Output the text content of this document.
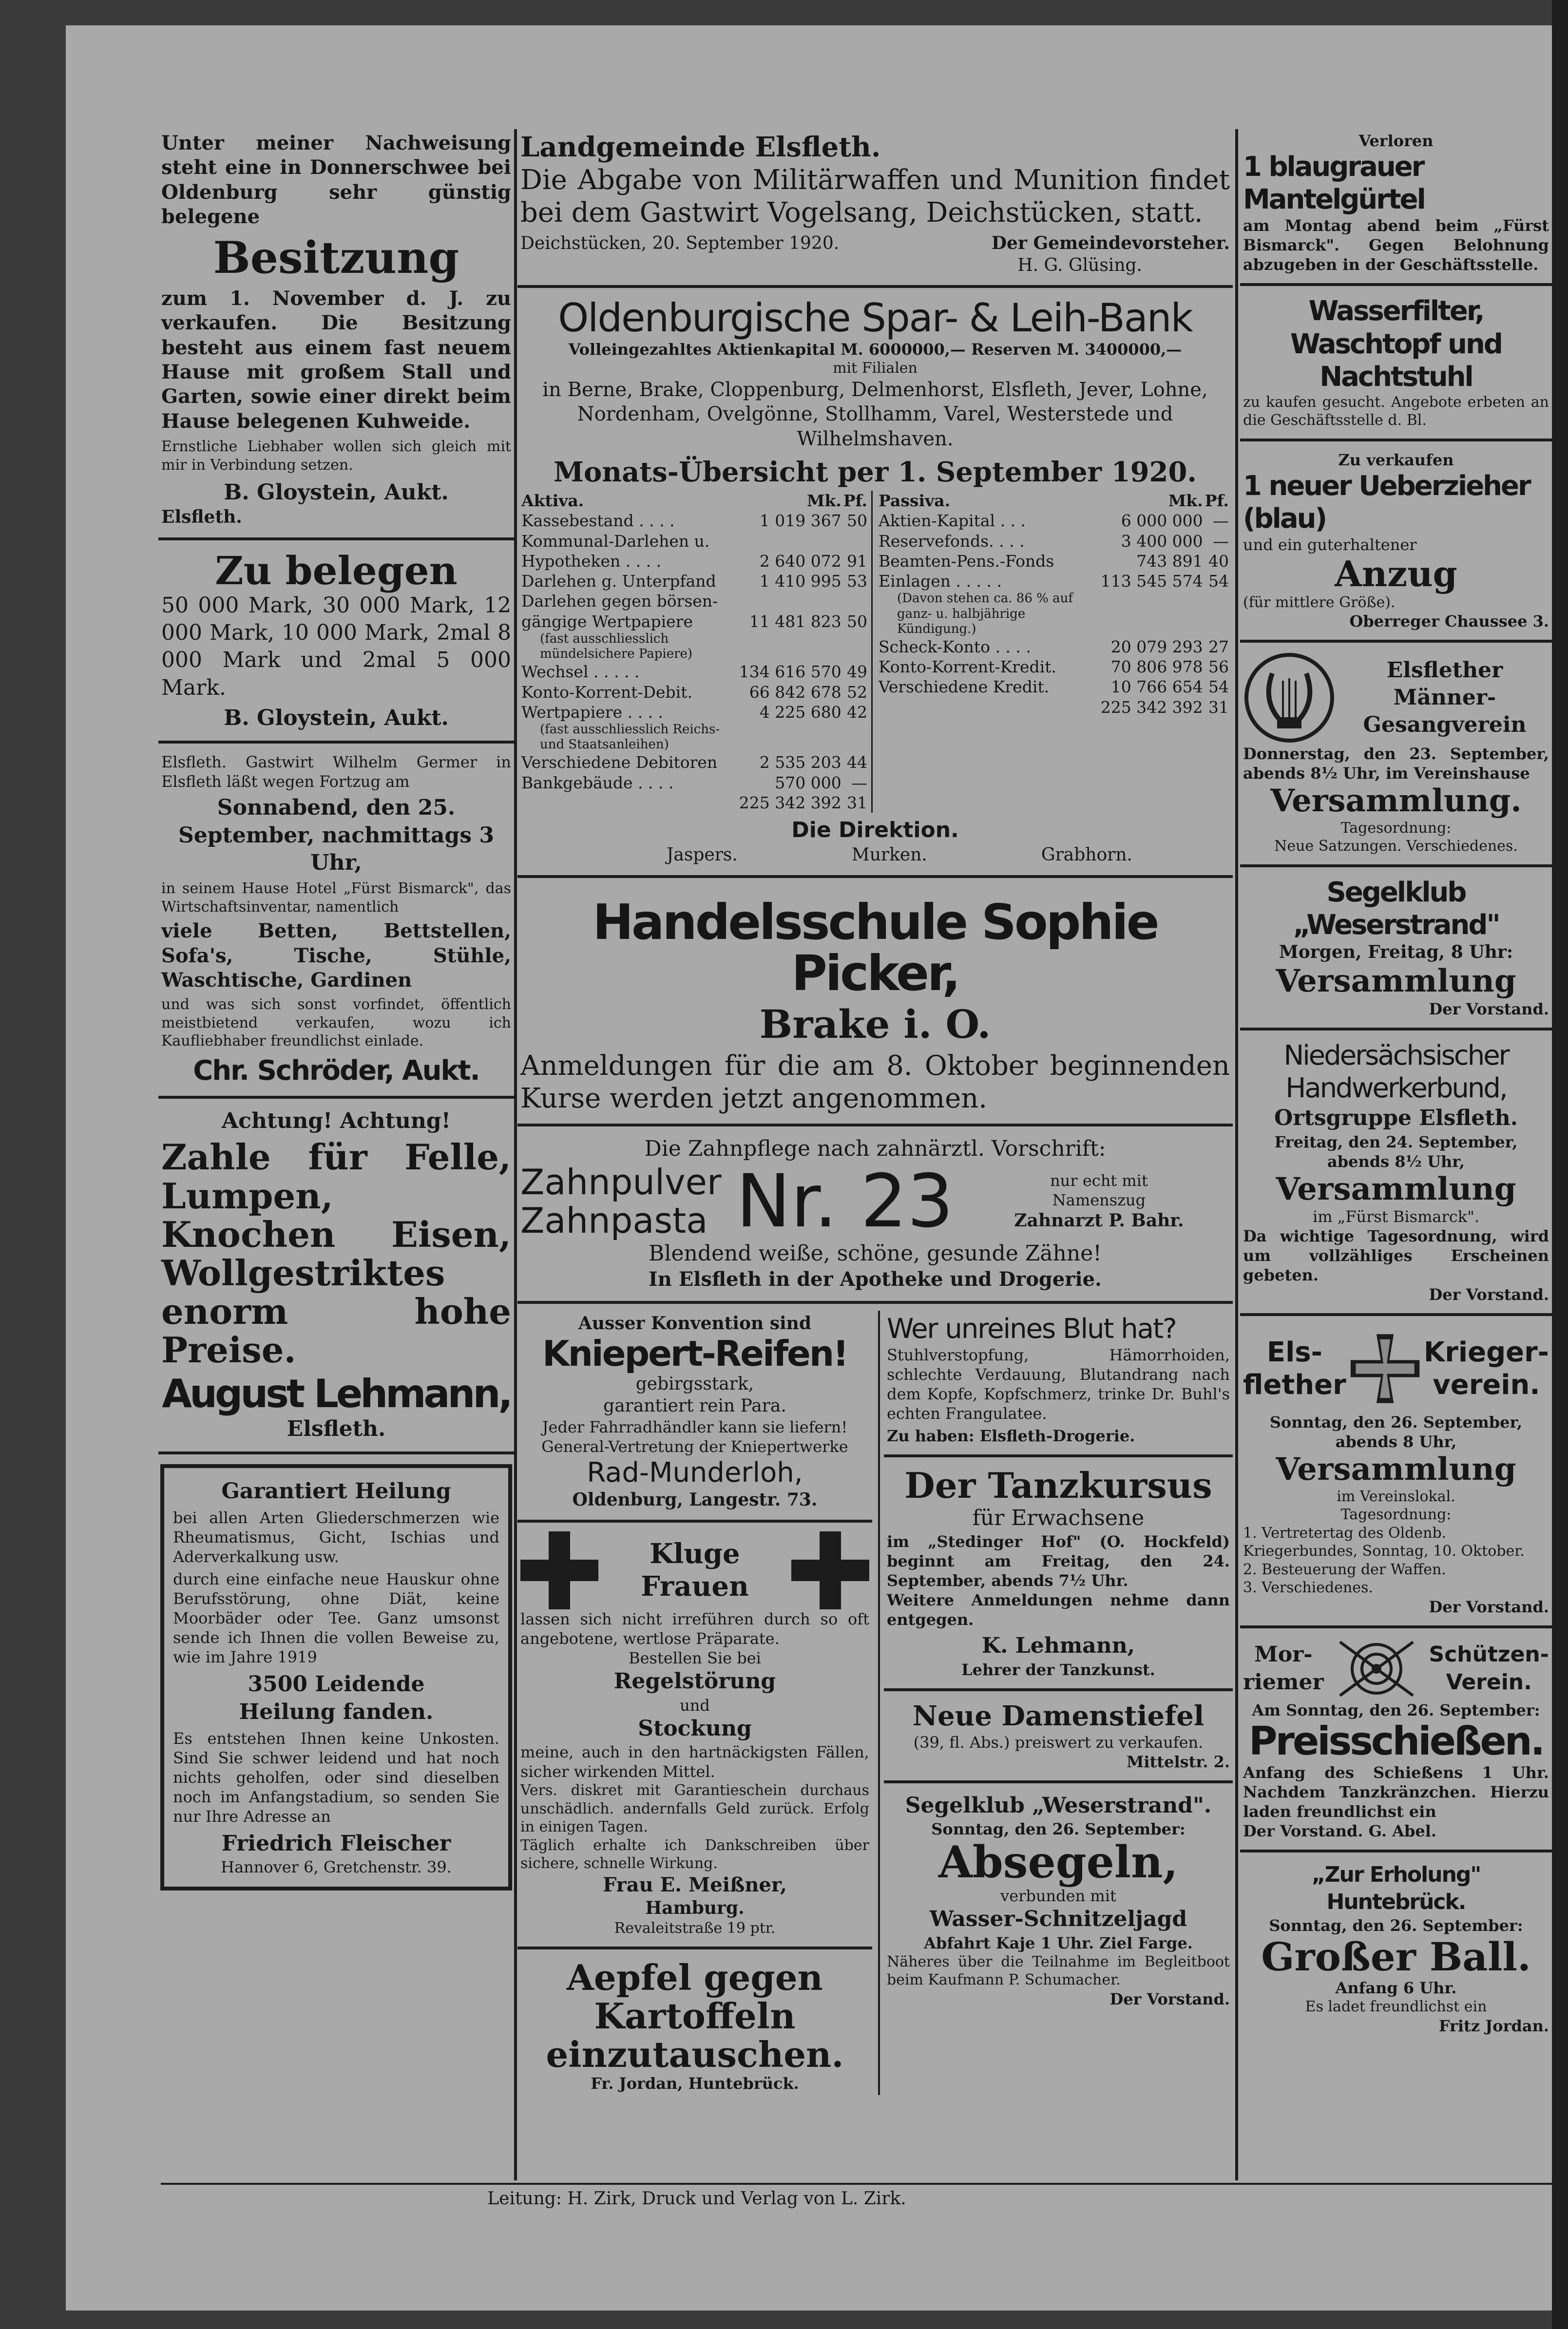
Unter meiner Nachweisung steht eine in Donnerschwee bei Oldenburg sehr günstig belegene
Besitzung
zum 1. November d. J. zu verkaufen. Die Besitzung besteht aus einem fast neuem Hause mit großem Stall und Garten, sowie einer direkt beim Hause belegenen Kuhweide.
Ernstliche Liebhaber wollen sich gleich mit mir in Verbindung setzen.
B. Gloystein, Aukt.
Elsfleth.
Zu belegen
50 000 Mark, 30 000 Mark, 12 000 Mark, 10 000 Mark, 2mal 8 000 Mark und 2mal 5 000 Mark.
B. Gloystein, Aukt.
Elsfleth. Gastwirt Wilhelm Germer in Elsfleth läßt wegen Fortzug am
Sonnabend, den 25. September, nachmittags 3 Uhr,
in seinem Hause Hotel „Fürst Bismarck", das Wirtschaftsinventar, namentlich
viele Betten, Bettstellen, Sofa's, Tische, Stühle, Waschtische, Gardinen
und was sich sonst vorfindet, öffentlich meistbietend verkaufen, wozu ich Kaufliebhaber freundlichst einlade.
Chr. Schröder, Aukt.
Achtung! Achtung!
Zahle für Felle, Lumpen, Knochen Eisen, Wollgestriktes enorm hohe Preise.
August Lehmann,
Elsfleth.
Garantiert Heilung
bei allen Arten Gliederschmerzen wie Rheumatismus, Gicht, Ischias und Aderverkalkung usw.
durch eine einfache neue Hauskur ohne Berufsstörung, ohne Diät, keine Moorbäder oder Tee. Ganz umsonst sende ich Ihnen die vollen Beweise zu, wie im Jahre 1919
3500 Leidende
Heilung fanden.
Es entstehen Ihnen keine Unkosten. Sind Sie schwer leidend und hat noch nichts geholfen, oder sind dieselben noch im Anfangstadium, so senden Sie nur Ihre Adresse an
Friedrich Fleischer
Hannover 6, Gretchenstr. 39.
Landgemeinde Elsfleth.
Die Abgabe von Militärwaffen und Munition findet bei dem Gastwirt Vogelsang, Deichstücken, statt.
Deichstücken, 20. September 1920.	Der Gemeindevorsteher.
H. G. Glüsing.
Oldenburgische Spar- & Leih-Bank
Volleingezahltes Aktienkapital M. 6000000,— Reserven M. 3400000,—
mit Filialen
in Berne, Brake, Cloppenburg, Delmenhorst, Elsfleth, Jever, Lohne, Nordenham, Ovelgönne, Stollhamm, Varel, Westerstede und Wilhelmshaven.
Monats-Übersicht per 1. September 1920.
Aktiva.	Mk.	Pf.
Kassebestand . . . .	1 019 367	50
Kommunal-Darlehen u.		
Hypotheken . . . .	2 640 072	91
Darlehen g. Unterpfand	1 410 995	53
Darlehen gegen börsen-		
gängige Wertpapiere	11 481 823	50
(fast ausschliesslich mündelsichere Papiere)		
Wechsel . . . . .	134 616 570	49
Konto-Korrent-Debit.	66 842 678	52
Wertpapiere . . . .	4 225 680	42
(fast ausschliesslich Reichs- und Staatsanleihen)		
Verschiedene Debitoren	2 535 203	44
Bankgebäude . . . .	570 000	—
	225 342 392	31
Passiva.	Mk.	Pf.
Aktien-Kapital . . .	6 000 000	—
Reservefonds. . . .	3 400 000	—
Beamten-Pens.-Fonds	743 891	40
Einlagen . . . . .	113 545 574	54
(Davon stehen ca. 86 % auf ganz- u. halbjährige Kündigung.)		
Scheck-Konto . . . .	20 079 293	27
Konto-Korrent-Kredit.	70 806 978	56
Verschiedene Kredit.	10 766 654	54
	225 342 392	31
Die Direktion.
Jaspers.	Murken.	Grabhorn.
Handelsschule Sophie Picker,
Brake i. O.
Anmeldungen für die am 8. Oktober beginnenden Kurse werden jetzt angenommen.
Die Zahnpflege nach zahnärztl. Vorschrift:
Zahnpulver
Zahnpasta Nr. 23	nur echt mit
Namenszug
Zahnarzt P. Bahr.
Blendend weiße, schöne, gesunde Zähne!
In Elsfleth in der Apotheke und Drogerie.
Ausser Konvention sind
Kniepert-Reifen!
gebirgsstark,
garantiert rein Para.
Jeder Fahrradhändler kann sie liefern!
General-Vertretung der Kniepertwerke
Rad-Munderloh,
Oldenburg, Langestr. 73.
Kluge
Frauen
lassen sich nicht irreführen durch so oft angebotene, wertlose Präparate.
Bestellen Sie bei
Regelstörung
und
Stockung
meine, auch in den hartnäckigsten Fällen, sicher wirkenden Mittel.
Vers. diskret mit Garantieschein durchaus unschädlich. andernfalls Geld zurück. Erfolg in einigen Tagen.
Täglich erhalte ich Dankschreiben über sichere, schnelle Wirkung.
Frau E. Meißner,
Hamburg.
Revaleitstraße 19 ptr.
Aepfel gegen Kartoffeln einzutauschen.
Fr. Jordan, Huntebrück.
Wer unreines Blut hat?
Stuhlverstopfung, Hämorrhoiden, schlechte Verdauung, Blutandrang nach dem Kopfe, Kopfschmerz, trinke Dr. Buhl's echten Frangulatee.
Zu haben: Elsfleth-Drogerie.
Der Tanzkursus
für Erwachsene
im „Stedinger Hof" (O. Hockfeld) beginnt am Freitag, den 24. September, abends 7½ Uhr.
Weitere Anmeldungen nehme dann entgegen.
K. Lehmann,
Lehrer der Tanzkunst.
Neue Damenstiefel
(39, fl. Abs.) preiswert zu verkaufen.
Mittelstr. 2.
Segelklub „Weserstrand".
Sonntag, den 26. September:
Absegeln,
verbunden mit
Wasser-Schnitzeljagd
Abfahrt Kaje 1 Uhr. Ziel Farge.
Näheres über die Teilnahme im Begleitboot beim Kaufmann P. Schumacher.
Der Vorstand.
Verloren
1 blaugrauer Mantelgürtel
am Montag abend beim „Fürst Bismarck". Gegen Belohnung abzugeben in der Geschäftsstelle.
Wasserfilter, Waschtopf und Nachtstuhl
zu kaufen gesucht. Angebote erbeten an die Geschäftsstelle d. Bl.
Zu verkaufen
1 neuer Ueberzieher (blau)
und ein guterhaltener
Anzug
(für mittlere Größe).
Oberreger Chaussee 3.
Elsflether Männer-Gesangverein
Donnerstag, den 23. September, abends 8½ Uhr, im Vereinshause
Versammlung.
Tagesordnung:
Neue Satzungen. Verschiedenes.
Segelklub „Weserstrand"
Morgen, Freitag, 8 Uhr:
Versammlung
Der Vorstand.
Niedersächsischer Handwerkerbund,
Ortsgruppe Elsfleth.
Freitag, den 24. September, abends 8½ Uhr,
Versammlung
im „Fürst Bismarck".
Da wichtige Tagesordnung, wird um vollzähliges Erscheinen gebeten.
Der Vorstand.
Els-
flether
Krieger-
verein.
Sonntag, den 26. September, abends 8 Uhr,
Versammlung
im Vereinslokal.
Tagesordnung:
1. Vertretertag des Oldenb. Kriegerbundes, Sonntag, 10. Oktober.
2. Besteuerung der Waffen.
3. Verschiedenes.
Der Vorstand.
Mor-
riemer
Schützen-
Verein.
Am Sonntag, den 26. September:
Preisschießen.
Anfang des Schießens 1 Uhr. Nachdem Tanzkränzchen. Hierzu laden freundlichst ein
Der Vorstand. G. Abel.
„Zur Erholung" Huntebrück.
Sonntag, den 26. September:
Großer Ball.
Anfang 6 Uhr.
Es ladet freundlichst ein
Fritz Jordan.
Leitung: H. Zirk, Druck und Verlag von L. Zirk.
